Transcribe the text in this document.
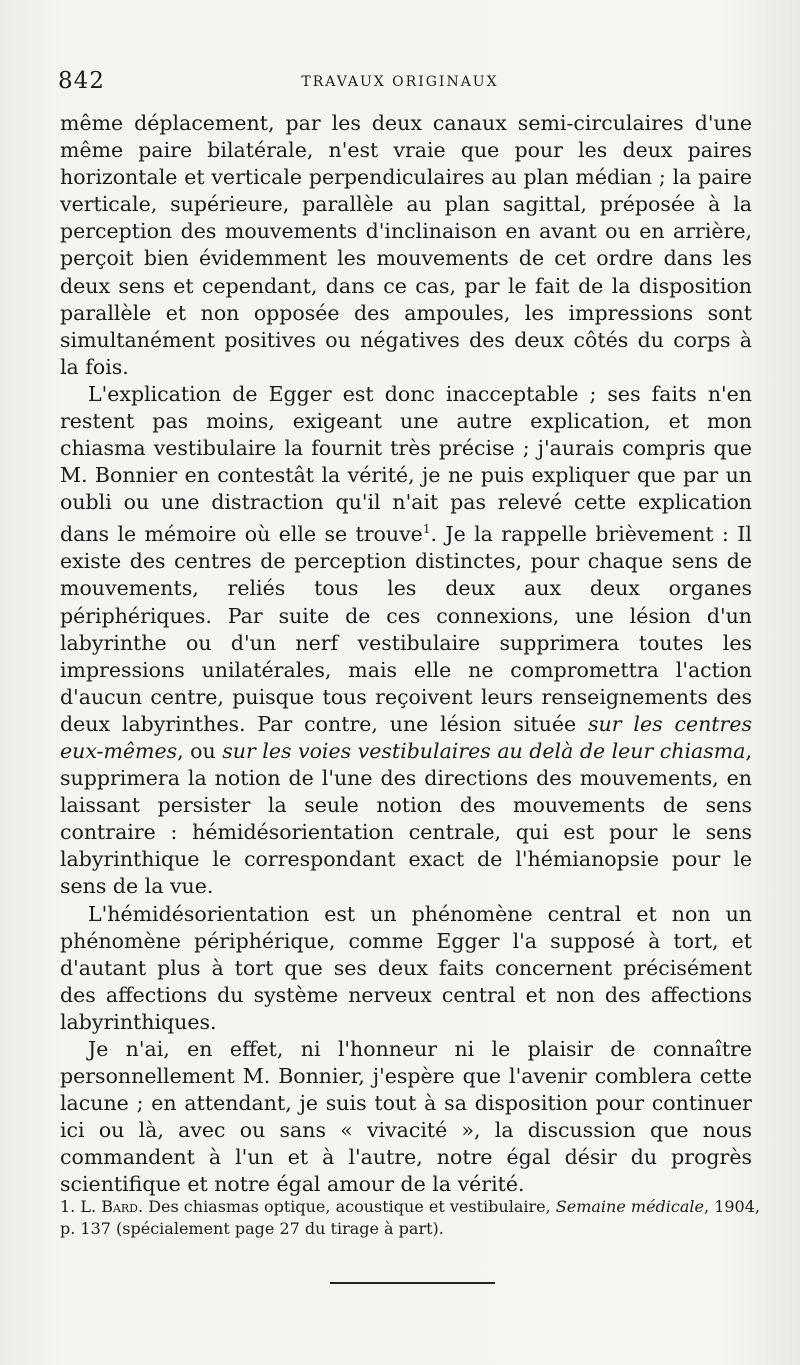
842	TRAVAUX ORIGINAUX

même déplacement, par les deux canaux semi-circulaires d'une même paire bilatérale, n'est vraie que pour les deux paires horizontale et verticale perpendiculaires au plan médian ; la paire verticale, supérieure, parallèle au plan sagittal, préposée à la perception des mouvements d'inclinaison en avant ou en arrière, perçoit bien évidemment les mouvements de cet ordre dans les deux sens et cependant, dans ce cas, par le fait de la disposition parallèle et non opposée des ampoules, les impressions sont simultanément positives ou négatives des deux côtés du corps à la fois.

L'explication de Egger est donc inacceptable ; ses faits n'en restent pas moins, exigeant une autre explication, et mon chiasma vestibulaire la fournit très précise ; j'aurais compris que M. Bonnier en contestât la vérité, je ne puis expliquer que par un oubli ou une distraction qu'il n'ait pas relevé cette explication dans le mémoire où elle se trouve$^1$. Je la rappelle brièvement : Il existe des centres de perception distinctes, pour chaque sens de mouvements, reliés tous les deux aux deux organes périphériques. Par suite de ces connexions, une lésion d'un labyrinthe ou d'un nerf vestibulaire supprimera toutes les impressions unilatérales, mais elle ne compromettra l'action d'aucun centre, puisque tous reçoivent leurs renseignements des deux labyrinthes. Par contre, une lésion située sur les centres eux-mêmes, ou sur les voies vestibulaires au delà de leur chiasma, supprimera la notion de l'une des directions des mouvements, en laissant persister la seule notion des mouvements de sens contraire : hémidésorientation centrale, qui est pour le sens labyrinthique le correspondant exact de l'hémianopsie pour le sens de la vue.

L'hémidésorientation est un phénomène central et non un phénomène périphérique, comme Egger l'a supposé à tort, et d'autant plus à tort que ses deux faits concernent précisément des affections du système nerveux central et non des affections labyrinthiques.

Je n'ai, en effet, ni l'honneur ni le plaisir de connaître personnellement M. Bonnier, j'espère que l'avenir comblera cette lacune ; en attendant, je suis tout à sa disposition pour continuer ici ou là, avec ou sans « vivacité », la discussion que nous commandent à l'un et à l'autre, notre égal désir du progrès scientifique et notre égal amour de la vérité.

1. L. Bard. Des chiasmas optique, acoustique et vestibulaire, Semaine médicale, 1904, p. 137 (spécialement page 27 du tirage à part).
